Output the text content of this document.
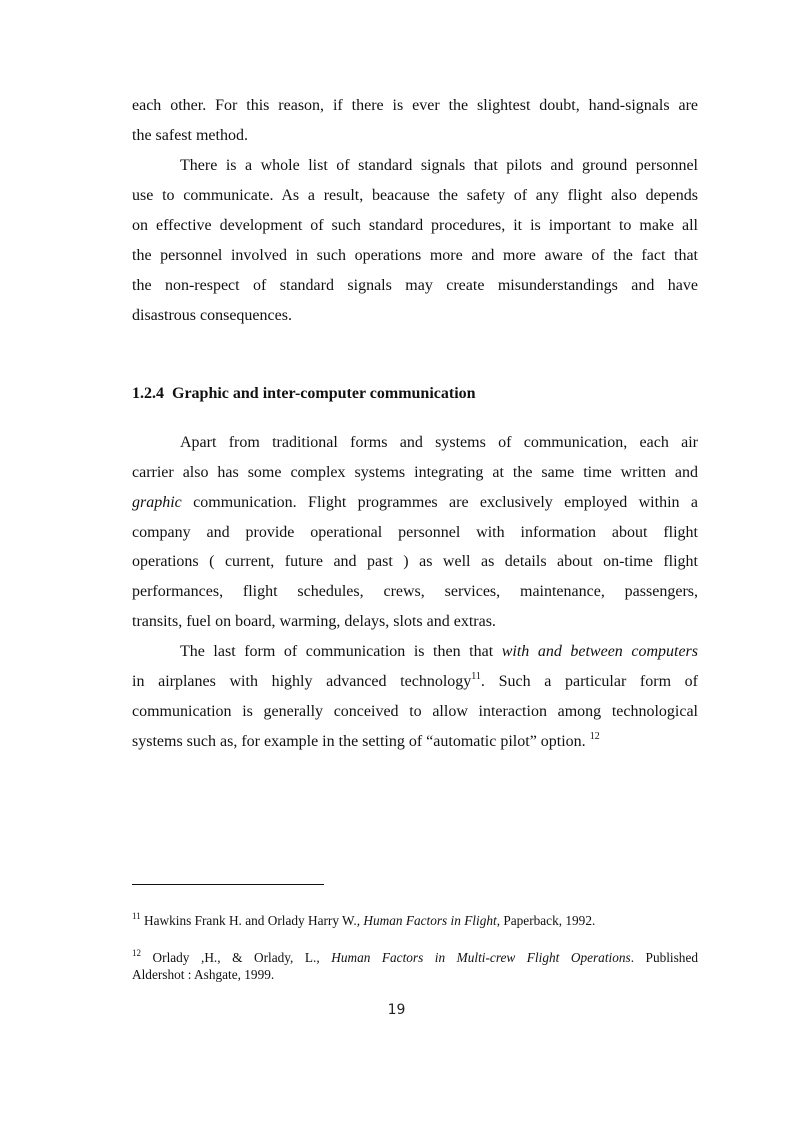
each other. For this reason, if there is ever the slightest doubt, hand-signals are
the safest method.
There is a whole list of standard signals that pilots and ground personnel
use to communicate. As a result, beacause the safety of any flight also depends
on effective development of such standard procedures, it is important to make all
the personnel involved in such operations more and more aware of the fact that
the non-respect of standard signals may create misunderstandings and have
disastrous consequences.
1.2.4 Graphic and inter-computer communication
Apart from traditional forms and systems of communication, each air
carrier also has some complex systems integrating at the same time written and
graphic communication. Flight programmes are exclusively employed within a
company and provide operational personnel with information about flight
operations ( current, future and past ) as well as details about on-time flight
performances, flight schedules, crews, services, maintenance, passengers,
transits, fuel on board, warming, delays, slots and extras.
The last form of communication is then that with and between computers
in airplanes with highly advanced technology$^{11}$. Such a particular form of
communication is generally conceived to allow interaction among technological
systems such as, for example in the setting of “automatic pilot” option. $^{12}$
$^{11}$ Hawkins Frank H. and Orlady Harry W., Human Factors in Flight, Paperback, 1992.
$^{12}$ Orlady ,H., & Orlady, L., Human Factors in Multi-crew Flight Operations. Published
Aldershot : Ashgate, 1999.
19
